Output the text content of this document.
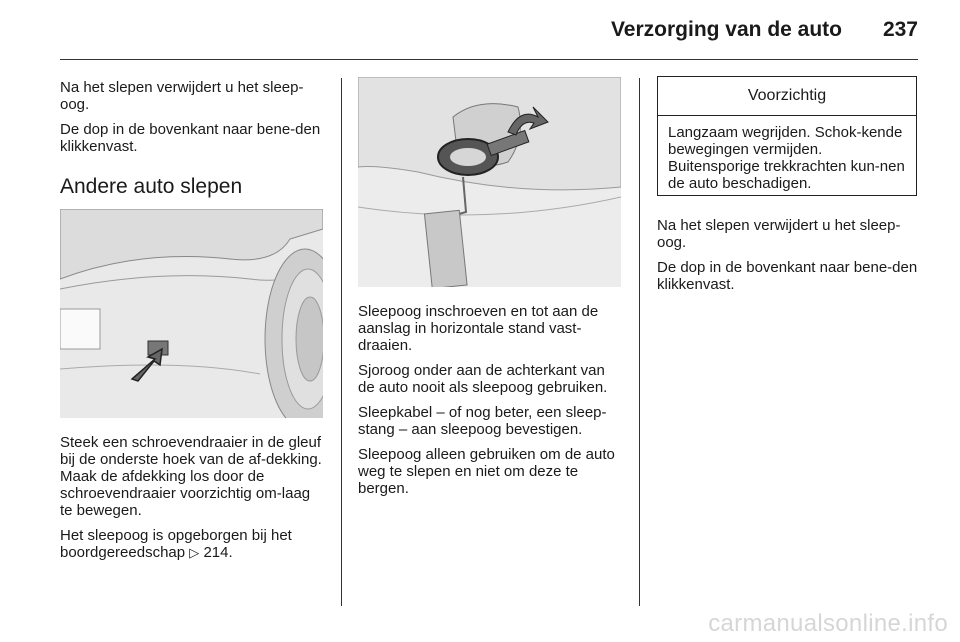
Verzorging van de auto 237

Na het slepen verwijdert u het sleep-oog.

De dop in de bovenkant naar bene-den klikkenvast.

Andere auto slepen

Steek een schroevendraaier in de gleuf bij de onderste hoek van de af-dekking. Maak de afdekking los door de schroevendraaier voorzichtig om-laag te bewegen.

Het sleepoog is opgeborgen bij het boordgereedschap ▷ 214.

Sleepoog inschroeven en tot aan de aanslag in horizontale stand vast-draaien.

Sjoroog onder aan de achterkant van de auto nooit als sleepoog gebruiken.

Sleepkabel – of nog beter, een sleep-stang – aan sleepoog bevestigen.

Sleepoog alleen gebruiken om de auto weg te slepen en niet om deze te bergen.

Voorzichtig
Langzaam wegrijden. Schok-kende bewegingen vermijden. Buitensporige trekkrachten kun-nen de auto beschadigen.

Na het slepen verwijdert u het sleep-oog.

De dop in de bovenkant naar bene-den klikkenvast.

carmanualsonline.info
